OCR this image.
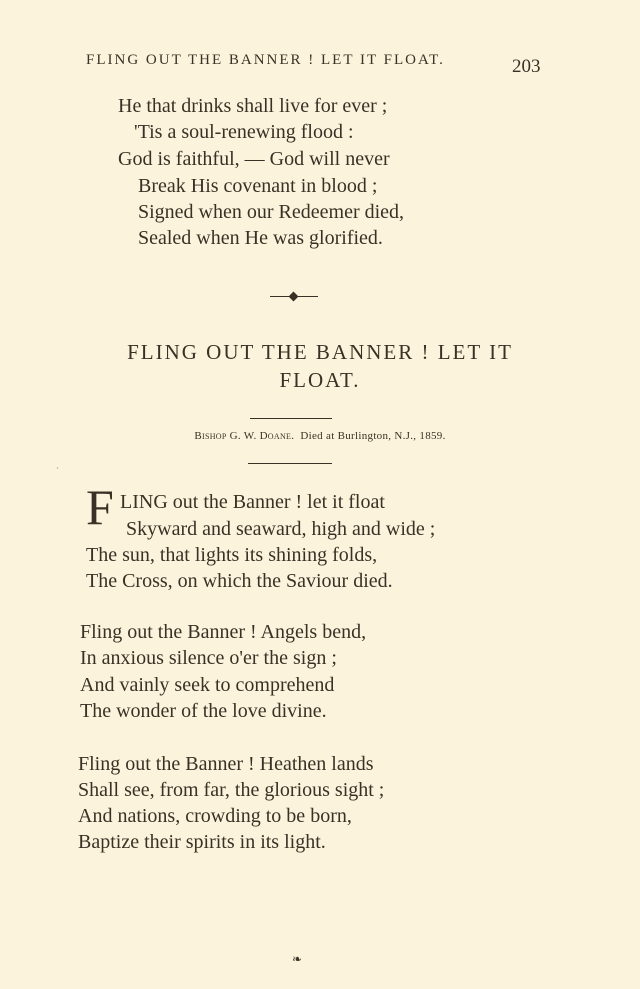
FLING OUT THE BANNER ! LET IT FLOAT.	203
He that drinks shall live for ever ;
'Tis a soul-renewing flood :
God is faithful, — God will never
Break His covenant in blood ;
Signed when our Redeemer died,
Sealed when He was glorified.
FLING OUT THE BANNER ! LET IT
FLOAT.
Bishop G. W. Doane. Died at Burlington, N.J., 1859.
ˊ
F LING out the Banner ! let it float
Skyward and seaward, high and wide ;
The sun, that lights its shining folds,
The Cross, on which the Saviour died.
Fling out the Banner ! Angels bend,
In anxious silence o'er the sign ;
And vainly seek to comprehend
The wonder of the love divine.
Fling out the Banner ! Heathen lands
Shall see, from far, the glorious sight ;
And nations, crowding to be born,
Baptize their spirits in its light.
❧
